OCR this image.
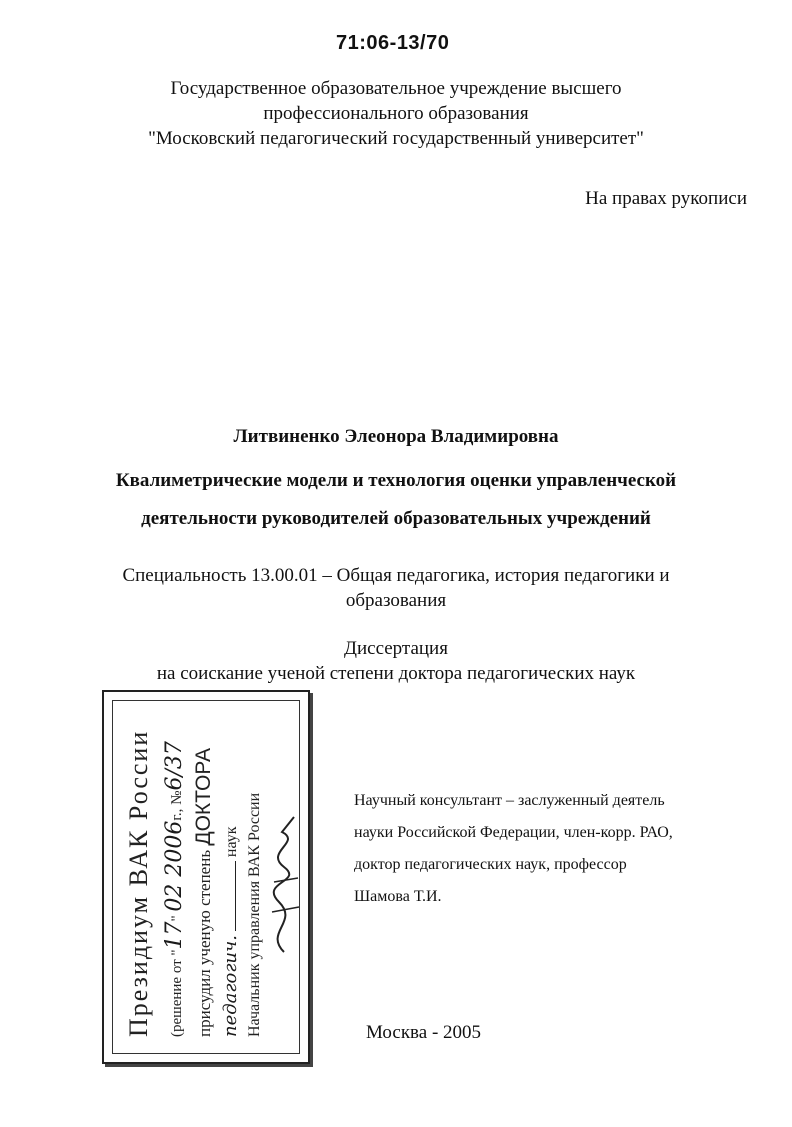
71:06-13/70
Государственное образовательное учреждение высшего
профессионального образования
"Московский педагогический государственный университет"
На правах рукописи
Литвиненко Элеонора Владимировна
Квалиметрические модели и технология оценки управленческой
деятельности руководителей образовательных учреждений
Специальность 13.00.01 – Общая педагогика, история педагогики и
образования
Диссертация
на соискание ученой степени доктора педагогических наук
Президиум ВАК России	(решение от "17" 02 2006г., №6/37
присудил ученую степень ДОКТОРА
педагогич.  наук Начальник управления ВАК России	Научный консультант – заслуженный деятель
науки Российской Федерации, член-корр. РАО,
доктор педагогических наук, профессор
Шамова Т.И.
Москва - 2005
